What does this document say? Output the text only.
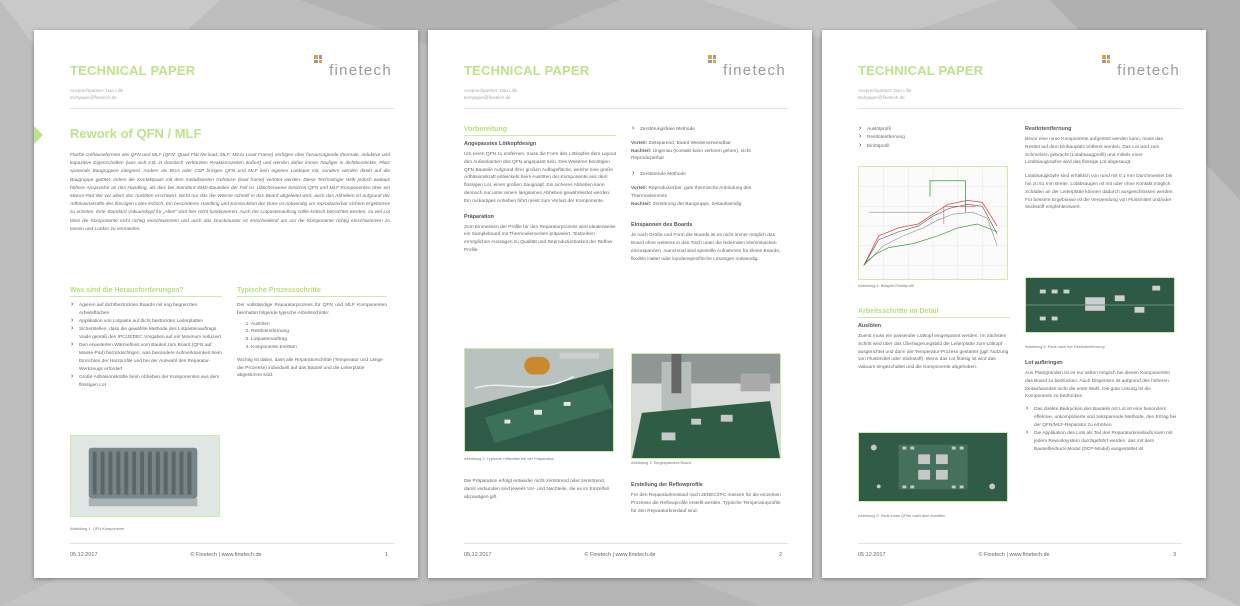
TECHNICAL PAPER
Ansprechpartner: Dan Lille
techpaper@finetech.de
finetech
Rework of QFN / MLF
Flache Gehäuseformen wie QFN und MLF (QFN: Quad Flat No-lead, MLF: Micro Lead Frame) verfügen über herausragende thermale, induktive und kapazitive Eigenschaften (was sich z.B. in drastisch verkürzten Reaktionszeiten äußert) und werden daher immer häufiger in dichtbestückte, Platz sparende Baugruppen integriert. Anders als BGA oder CSP bringen QFN und MLF kein eigenes Lotdepot mit, sondern werden direkt auf die Baugruppe gelötet, indem die Kontaktpads mit dem metallisierten Gehäuse (lead frame) verlötet werden. Diese Technologie stellt jedoch weitaus höhere Ansprüche an das Handling, als dies bei Standard-SMD-Bauteilen der Fall ist. Üblicherweise besitzen QFN und MLF Komponenten über ein Masse-Pad der vor allem das Auslöten erschwert. Nicht nur das die Wärme schnell in das Board abgeleitet wird, auch das Abheben ist aufgrund der Adhäsionskräfte des flüssigen Lotes kritisch. Ein besonderes Handling und Konstruktion der Düse ist notwendig um reproduzierbar sichere Ergebnisse zu erzielen. Eine Standard Vakuumkopf für „Allen“ wird hier nicht funktionieren. Auch der Lotpastenauftrag sollte kritisch betrachtet werden, zu viel Lot lässt die Komponente nicht richtig einschwimmen und auch das Druckmuster ist entscheidend um um die Komponente richtig einschwimmen zu lassen und Lunker zu vermeiden.
Was sind die Herausforderungen?
› Agieren auf dichtbestückten Boards mit eng begrenzten Arbeitsflächen
› Applikation von Lotpaste auf dicht bestückten Leiterplatten
› Sicherstellen, dass die gewählte Methode des Lotpastenauftrags Voids gemäß den IPC/JEDEC Vorgaben auf ein Minimum reduziert
› Den erweiterten Wärmefluss vom Bauteil zum Board (QFN auf Masse-Pad) berücksichtigen, was besondere Aufmerksamkeit beim Einrichten der Heizprofile und bei der Auswahl des Reparatur-Werkzeugs erfordert
› Große Adhäsionskräfte beim Abheben der Komponenten aus dem flüssigen Lot
Abbildung 1: QFN-Komponente
Typische Prozessschritte
Der vollständige Reparaturprozess für QFN und MLF Komponenten beinhaltet folgende typische Arbeitsschritte:
1. Auslöten
2. Restlotentfernung
3. Lotpastenauftrag
4. Komponente Einlöten
Wichtig ist dabei, dass alle Reparaturschritte (Temperatur und Länge der Prozesse) individuell auf das Bauteil und die Leiterplatte abgestimmt sind.
05.12.2017	© Finetech | www.finetech.de	1
TECHNICAL PAPER
Ansprechpartner: Dan Lille
techpaper@finetech.de
finetech
Vorbereitung
Angepasstes Lötkopfdesign
Um einen QFN zu entfernen, muss die Form des Lötkopfes dem Layout den Außenkanten des QFN angepasst sein. Des Weiteren benötigen QFN Bauteile Aufgrund ihrer großen Auflagefläche, welche eine große Adhäsionskraft entwickeln beim Auslöten der Komponente aus dem flüssigen Lot, einen großen Saugnapf. Ein sicheres Abheben kann dennoch nur unter einem langsamen Abheben gewährleistet werden. Ein ruckartiges Anheben führt meist zum Verlust der Komponente.
Präparation
Zum Einmessen der Profile für den Reparaturprozess wird idealerweise ein Sampleboard mit Thermoelementen präpariert. Testreihen ermöglichen Aussagen zu Qualität und Reproduzierbarkeit der Reflow Profile.
Abbildung 2: Typische Hilfsmittel bei der Präparation
Die Präparation erfolgt entweder nicht-zerstörend oder zerstörend, damit verbunden sind jeweils Vor- und Nachteile, die es im Einzelfall abzuwägen gilt.
› Zerstörungsfreie Methode
Vorteil: Zeitsparend, Board Wiederverwendbar
Nachteil: Ungenau (Kontakt kann verloren gehen), nicht Reproduzierbar
› Zerstörende Methode
Vorteil: Reproduzierbar, gute thermische Anbindung des Thermoelements
Nachteil: Zerstörung der Baugruppe, Zeitaufwendig
Einspannen des Boards
Je nach Größe und Form der Boards ist es nicht immer möglich das Board ohne weiteres in den Tisch unter die federnden Klemmbacken einzuspannen, manchmal sind spezielle Aufnahmen für kleine Boards, flexible Halter oder kundenspezifische Lösungen notwendig.
Abbildung 3: Eingespanntes Board
Erstellung der Reflowprofile
Für den Reparaturkreislauf nach JEDEC/IPC müssen für die einzelnen Prozesse die Reflowprofile erstellt werden. Typische Temperaturprofile für den Reparaturkreislauf sind:
05.12.2017	© Finetech | www.finetech.de	2
TECHNICAL PAPER
Ansprechpartner: Dan Lille
techpaper@finetech.de
finetech
› Auslötprofil
› Restlotentfernung
› Einlötprofil
Abbildung 4: Beispiel Einlötprofil
Arbeitsschritte im Detail
Auslöten
Zuerst muss ein passender Lötkopf eingespannt werden. Im nächsten Schritt wird über das Überlagerungsbild die Leiterplatte zum Lötkopf ausgerichtet und dann der Temperatur-Prozess gestartet (ggf. Nutzung von Flussmittel oder Stickstoff). Wenn das Lot flüssig ist wird das Vakuum eingeschaltet und die Komponente abgehoben.
Abbildung 5: Pads eines QFNs nach dem Auslöten
Restlotentfernung
Bevor eine neue Komponente aufgelötet werden kann, muss das Restlot auf dem Einbauplatz entfernt werden. Das Lot wird zum Schmelzen gebracht (Lotabsaugprofil) und mittels einer Lotabsaugkopfes wird das flüssige Lot abgesaugt.
Lotabsaugköpfe sind erhältlich von rund mit 0,1 mm Durchmesser bis hin zu 51 mm Breite. Lotabsaugen ist mit oder ohne Kontakt möglich. Schäden an der Leiterplatte können dadurch ausgeschlossen werden. Für bessere Ergebnisse ist die Verwendung von Flussmittel und/oder Stickstoff empfehlenswert.
Abbildung 6: Pads nach der Restlotentfernung
Lot aufbringen
Aus Platzgründen ist es nur selten möglich bei diesen Komponenten das Board zu bedrucken. Auch Dispensen ist aufgrund des höheren Zeitaufwandes nicht die erste Wahl. Die gute Lösung ist die Komponente zu bedrucken.
› Das direkte Bedrucken des Bauteils mit Lot ist eine besonders effektive, unkomplizierte und zeitsparende Methode, den Ertrag bei der QFN/MLF-Reparatur zu erhöhen
› Die Applikation des Lots als Teil des Reparaturkreislaufs kann mit jedem Reworksystem durchgeführt werden, das mit dem Bauteilbedruck-Modul (DCP-Modul) ausgestattet ist
05.12.2017	© Finetech | www.finetech.de	3
